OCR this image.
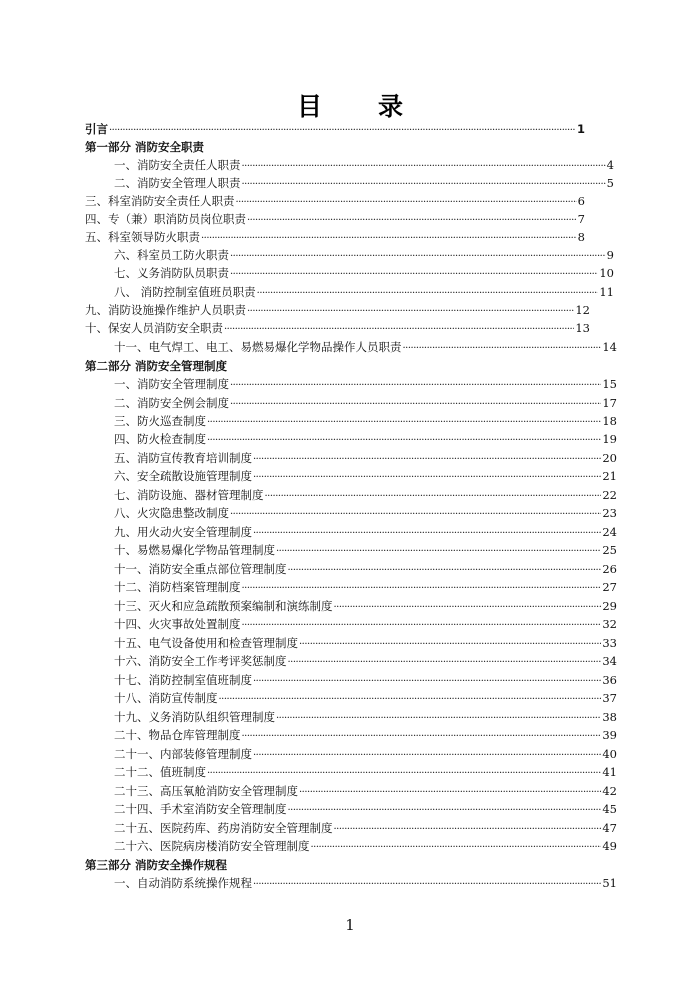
目 录
引言 ·····	1
第一部分 消防安全职责
一、消防安全责任人职责 ·····	4
二、消防安全管理人职责 ·····	5
三、科室消防安全责任人职责 ·····	6
四、专（兼）职消防员岗位职责 ·····	7
五、科室领导防火职责 ·····	8
六、科室员工防火职责 ·····	9
七、义务消防队员职责 ·····	10
八、 消防控制室值班员职责 ·····	11
九、消防设施操作维护人员职责 ·····	12
十、保安人员消防安全职责 ·····	13
十一、电气焊工、电工、易燃易爆化学物品操作人员职责 ·····	14
第二部分 消防安全管理制度
一、消防安全管理制度 ·····	15
二、消防安全例会制度 ·····	17
三、防火巡查制度 ·····	18
四、防火检查制度 ·····	19
五、消防宣传教育培训制度 ·····	20
六、安全疏散设施管理制度 ·····	21
七、消防设施、器材管理制度 ·····	22
八、火灾隐患整改制度 ·····	23
九、用火动火安全管理制度 ·····	24
十、易燃易爆化学物品管理制度 ·····	25
十一、消防安全重点部位管理制度 ·····	26
十二、消防档案管理制度 ·····	27
十三、灭火和应急疏散预案编制和演练制度 ·····	29
十四、火灾事故处置制度 ·····	32
十五、电气设备使用和检查管理制度 ·····	33
十六、消防安全工作考评奖惩制度 ·····	34
十七、消防控制室值班制度 ·····	36
十八、消防宣传制度 ·····	37
十九、义务消防队组织管理制度 ·····	38
二十、物品仓库管理制度 ·····	39
二十一、内部装修管理制度 ·····	40
二十二、值班制度 ·····	41
二十三、高压氧舱消防安全管理制度 ·····	42
二十四、手术室消防安全管理制度 ·····	45
二十五、医院药库、药房消防安全管理制度 ·····	47
二十六、医院病房楼消防安全管理制度 ·····	49
第三部分 消防安全操作规程
一、自动消防系统操作规程 ·····	51
1
